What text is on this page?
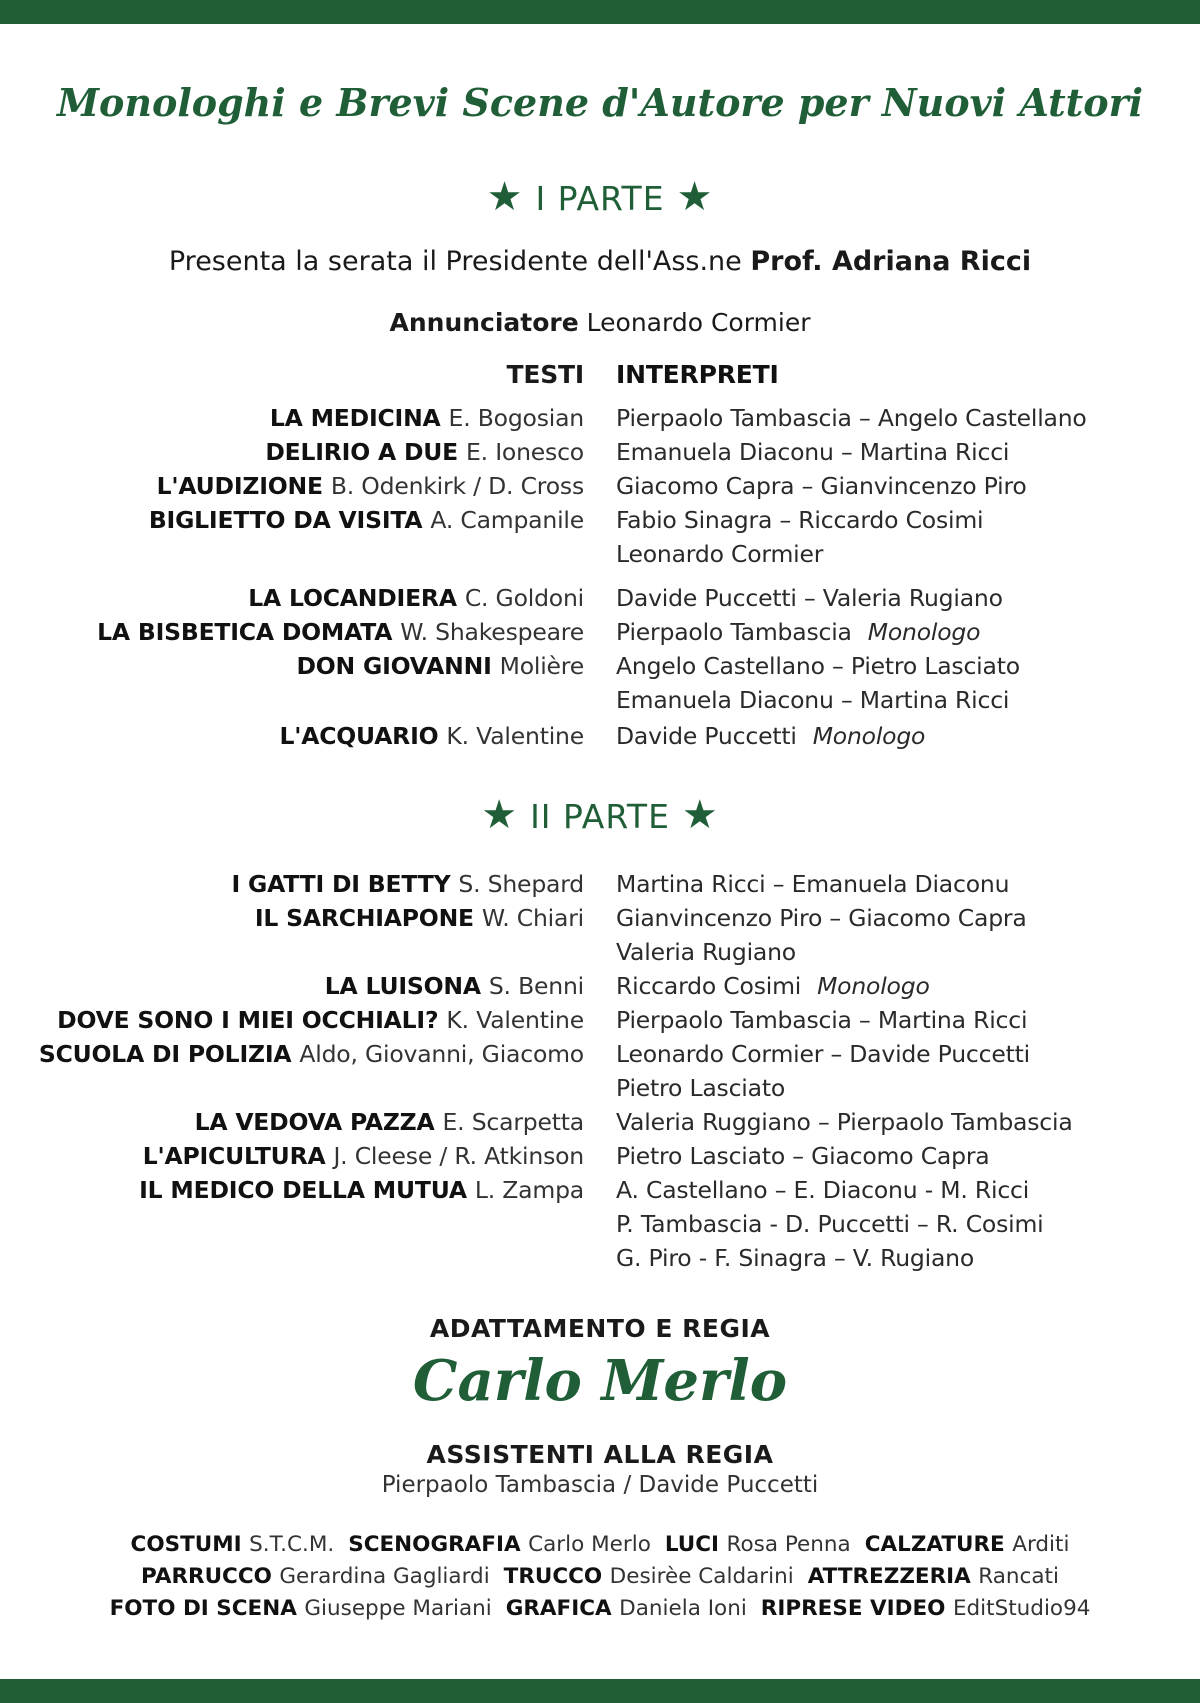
Monologhi e Brevi Scene d'Autore per Nuovi Attori
★ I PARTE ★
Presenta la serata il Presidente dell'Ass.ne Prof. Adriana Ricci
Annunciatore Leonardo Cormier
TESTI INTERPRETI
LA MEDICINA E. Bogosian Pierpaolo Tambascia – Angelo Castellano
DELIRIO A DUE E. Ionesco Emanuela Diaconu – Martina Ricci
L'AUDIZIONE B. Odenkirk / D. Cross Giacomo Capra – Gianvincenzo Piro
BIGLIETTO DA VISITA A. Campanile Fabio Sinagra – Riccardo Cosimi
Leonardo Cormier
LA LOCANDIERA C. Goldoni Davide Puccetti – Valeria Rugiano
LA BISBETICA DOMATA W. Shakespeare Pierpaolo Tambascia Monologo
DON GIOVANNI Molière Angelo Castellano – Pietro Lasciato
Emanuela Diaconu – Martina Ricci
L'ACQUARIO K. Valentine Davide Puccetti Monologo
★ II PARTE ★
I GATTI DI BETTY S. Shepard Martina Ricci – Emanuela Diaconu
IL SARCHIAPONE W. Chiari Gianvincenzo Piro – Giacomo Capra
Valeria Rugiano
LA LUISONA S. Benni Riccardo Cosimi Monologo
DOVE SONO I MIEI OCCHIALI? K. Valentine Pierpaolo Tambascia – Martina Ricci
SCUOLA DI POLIZIA Aldo, Giovanni, Giacomo Leonardo Cormier – Davide Puccetti
Pietro Lasciato
LA VEDOVA PAZZA E. Scarpetta Valeria Ruggiano – Pierpaolo Tambascia
L'APICULTURA J. Cleese / R. Atkinson Pietro Lasciato – Giacomo Capra
IL MEDICO DELLA MUTUA L. Zampa A. Castellano – E. Diaconu - M. Ricci
P. Tambascia - D. Puccetti – R. Cosimi
G. Piro - F. Sinagra – V. Rugiano
ADATTAMENTO E REGIA
Carlo Merlo
ASSISTENTI ALLA REGIA
Pierpaolo Tambascia / Davide Puccetti
COSTUMI S.T.C.M. SCENOGRAFIA Carlo Merlo LUCI Rosa Penna CALZATURE Arditi
PARRUCCO Gerardina Gagliardi TRUCCO Desirèe Caldarini ATTREZZERIA Rancati
FOTO DI SCENA Giuseppe Mariani GRAFICA Daniela Ioni RIPRESE VIDEO EditStudio94
